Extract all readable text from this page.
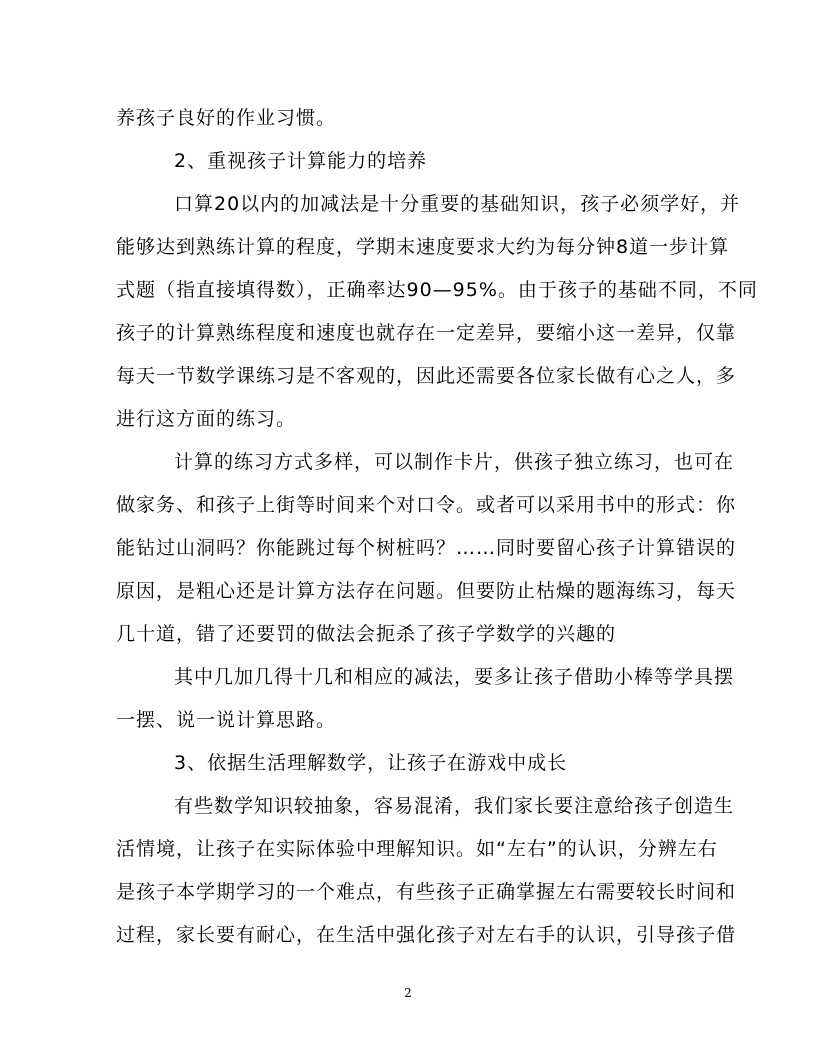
养孩子良好的作业习惯。
2、重视孩子计算能力的培养
口算20以内的加减法是十分重要的基础知识，孩子必须学好，并
能够达到熟练计算的程度，学期末速度要求大约为每分钟8道一步计算
式题（指直接填得数），正确率达90—95%。由于孩子的基础不同，不同
孩子的计算熟练程度和速度也就存在一定差异，要缩小这一差异，仅靠
每天一节数学课练习是不客观的，因此还需要各位家长做有心之人，多
进行这方面的练习。
计算的练习方式多样，可以制作卡片，供孩子独立练习，也可在
做家务、和孩子上街等时间来个对口令。或者可以采用书中的形式：你
能钻过山洞吗？你能跳过每个树桩吗？……同时要留心孩子计算错误的
原因，是粗心还是计算方法存在问题。但要防止枯燥的题海练习，每天
几十道，错了还要罚的做法会扼杀了孩子学数学的兴趣的
其中几加几得十几和相应的减法，要多让孩子借助小棒等学具摆
一摆、说一说计算思路。
3、依据生活理解数学，让孩子在游戏中成长
有些数学知识较抽象，容易混淆，我们家长要注意给孩子创造生
活情境，让孩子在实际体验中理解知识。如“左右”的认识，分辨左右
是孩子本学期学习的一个难点，有些孩子正确掌握左右需要较长时间和
过程，家长要有耐心，在生活中强化孩子对左右手的认识，引导孩子借
2
